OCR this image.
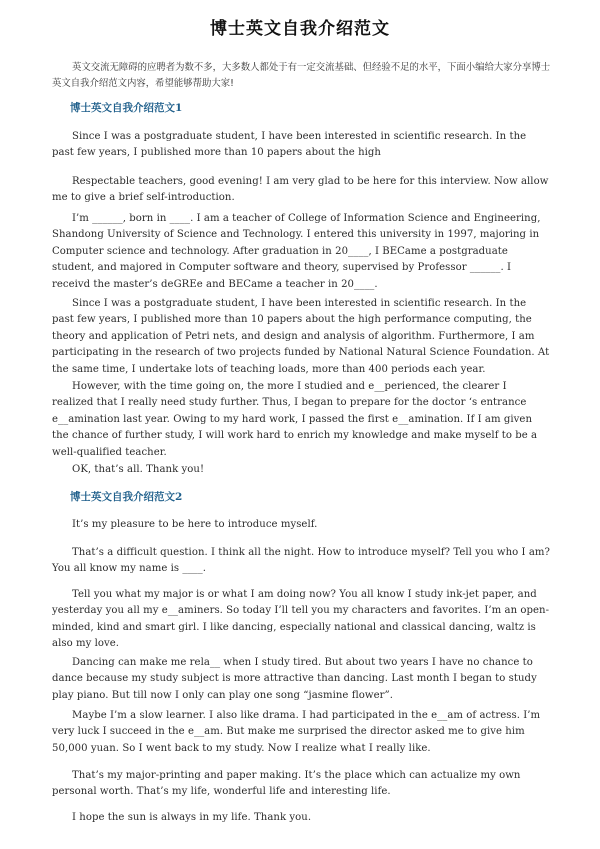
博士英文自我介绍范文
英文交流无障碍的应聘者为数不多，大多数人都处于有一定交流基础、但经验不足的水平，下面小编给大家分享博士英文自我介绍范文内容，希望能够帮助大家!
博士英文自我介绍范文1
Since I was a postgraduate student, I have been interested in scientific research. In the past few years, I published more than 10 papers about the high
Respectable teachers, good evening! I am very glad to be here for this interview. Now allow me to give a brief self-introduction.
I’m ______, born in ____. I am a teacher of College of Information Science and Engineering, Shandong University of Science and Technology. I entered this university in 1997, majoring in Computer science and technology. After graduation in 20____, I BECame a postgraduate student, and majored in Computer software and theory, supervised by Professor ______. I receivd the master’s deGREe and BECame a teacher in 20____.
Since I was a postgraduate student, I have been interested in scientific research. In the past few years, I published more than 10 papers about the high performance computing, the theory and application of Petri nets, and design and analysis of algorithm. Furthermore, I am participating in the research of two projects funded by National Natural Science Foundation. At the same time, I undertake lots of teaching loads, more than 400 periods each year.
However, with the time going on, the more I studied and e__perienced, the clearer I realized that I really need study further. Thus, I began to prepare for the doctor ‘s entrance e__amination last year. Owing to my hard work, I passed the first e__amination. If I am given the chance of further study, I will work hard to enrich my knowledge and make myself to be a well-qualified teacher.
OK, that’s all. Thank you!
博士英文自我介绍范文2
It’s my pleasure to be here to introduce myself.
That’s a difficult question. I think all the night. How to introduce myself? Tell you who I am? You all know my name is ____.
Tell you what my major is or what I am doing now? You all know I study ink-jet paper, and yesterday you all my e__aminers. So today I’ll tell you my characters and favorites. I’m an open-minded, kind and smart girl. I like dancing, especially national and classical dancing, waltz is also my love.
Dancing can make me rela__ when I study tired. But about two years I have no chance to dance because my study subject is more attractive than dancing. Last month I began to study play piano. But till now I only can play one song “jasmine flower”.
Maybe I’m a slow learner. I also like drama. I had participated in the e__am of actress. I’m very luck I succeed in the e__am. But make me surprised the director asked me to give him 50,000 yuan. So I went back to my study. Now I realize what I really like.
That’s my major-printing and paper making. It’s the place which can actualize my own personal worth. That’s my life, wonderful life and interesting life.
I hope the sun is always in my life. Thank you.
